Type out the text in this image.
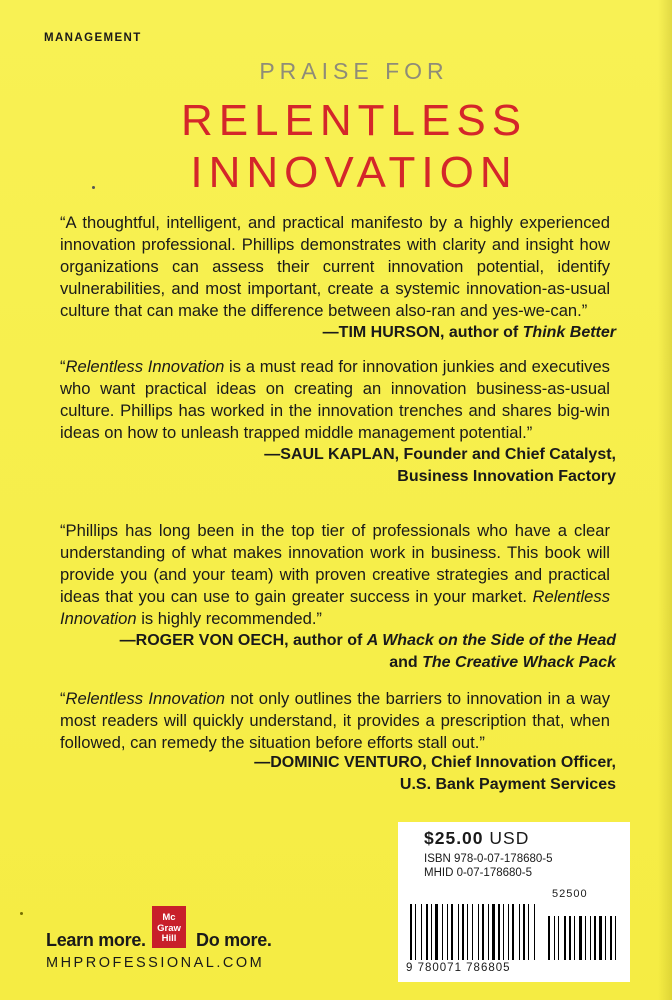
MANAGEMENT
PRAISE FOR
RELENTLESS
INNOVATION
“A thoughtful, intelligent, and practical manifesto by a highly experienced innovation professional. Phillips demonstrates with clarity and insight how organizations can assess their current innovation potential, identify vulnerabilities, and most important, create a systemic innovation-as-usual culture that can make the difference between also-ran and yes-we-can.”
—TIM HURSON, author of Think Better
“Relentless Innovation is a must read for innovation junkies and executives who want practical ideas on creating an innovation business-as-usual culture. Phillips has worked in the innovation trenches and shares big-win ideas on how to unleash trapped middle management potential.”
—SAUL KAPLAN, Founder and Chief Catalyst,
Business Innovation Factory
“Phillips has long been in the top tier of professionals who have a clear understanding of what makes innovation work in business. This book will provide you (and your team) with proven creative strategies and practical ideas that you can use to gain greater success in your market. Relentless Innovation is highly recommended.”
—ROGER VON OECH, author of A Whack on the Side of the Head
and The Creative Whack Pack
“Relentless Innovation not only outlines the barriers to innovation in a way most readers will quickly understand, it provides a prescription that, when followed, can remedy the situation before efforts stall out.”
—DOMINIC VENTURO, Chief Innovation Officer,
U.S. Bank Payment Services
$25.00 USD
ISBN 978-0-07-178680-5
MHID 0-07-178680-5
52500
9 780071 786805
Mc
Graw
Hill
Learn more.	Do more.
MHPROFESSIONAL.COM
